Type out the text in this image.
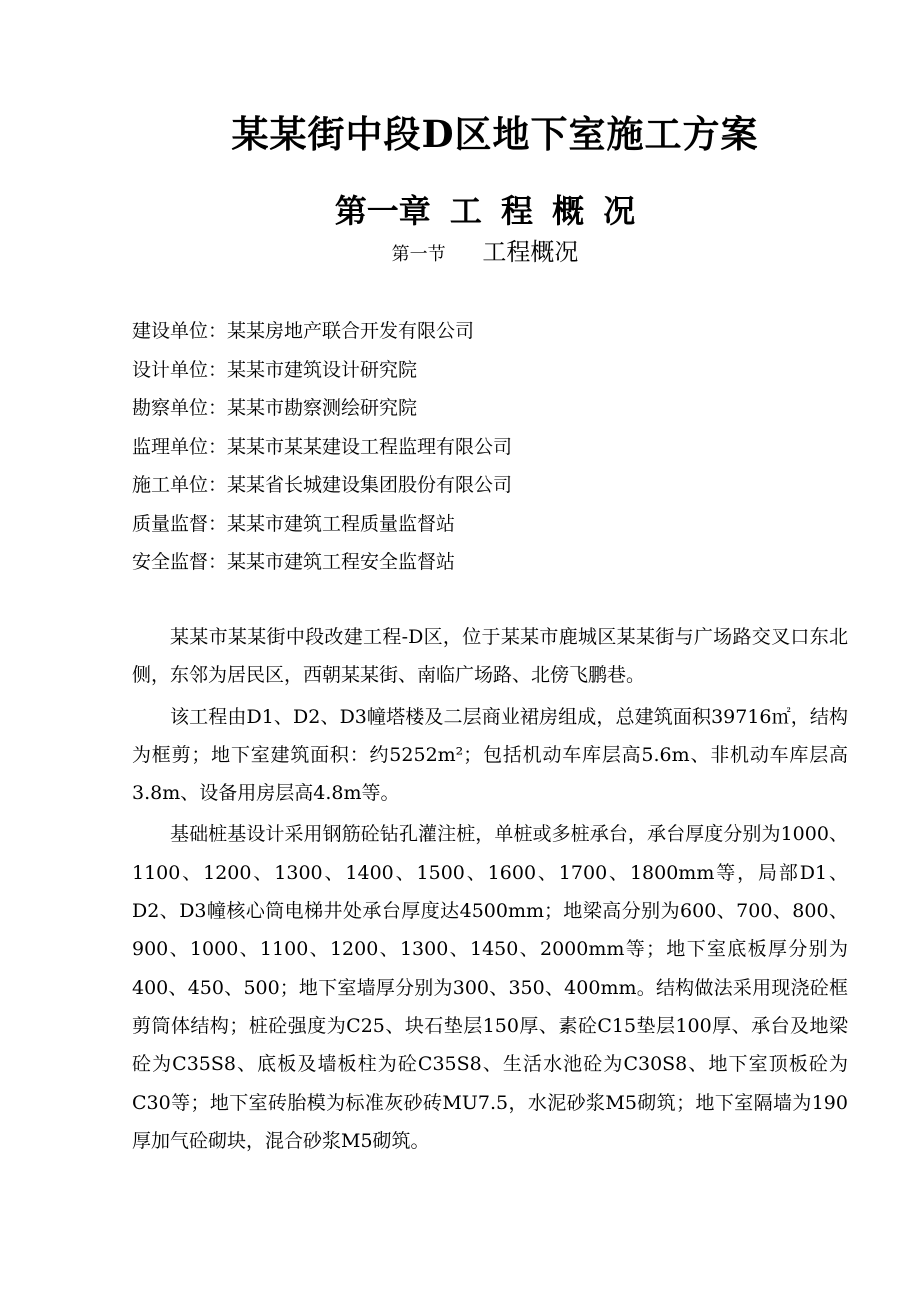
某某街中段D区地下室施工方案
第一章 工 程 概 况
第一节 工程概况
建设单位：某某房地产联合开发有限公司
设计单位：某某市建筑设计研究院
勘察单位：某某市勘察测绘研究院
监理单位：某某市某某建设工程监理有限公司
施工单位：某某省长城建设集团股份有限公司
质量监督：某某市建筑工程质量监督站
安全监督：某某市建筑工程安全监督站

某某市某某街中段改建工程-D区，位于某某市鹿城区某某街与广场路交叉口东北侧，东邻为居民区，西朝某某街、南临广场路、北傍飞鹏巷。

该工程由D1、D2、D3幢塔楼及二层商业裙房组成，总建筑面积39716㎡，结构为框剪；地下室建筑面积：约5252m²；包括机动车库层高5.6m、非机动车库层高3.8m、设备用房层高4.8m等。

基础桩基设计采用钢筋砼钻孔灌注桩，单桩或多桩承台，承台厚度分别为1000、1100、1200、1300、1400、1500、1600、1700、1800mm等，局部D1、D2、D3幢核心筒电梯井处承台厚度达4500mm；地梁高分别为600、700、800、900、1000、1100、1200、1300、1450、2000mm等；地下室底板厚分别为400、450、500；地下室墙厚分别为300、350、400mm。结构做法采用现浇砼框剪筒体结构；桩砼强度为C25、块石垫层150厚、素砼C15垫层100厚、承台及地梁砼为C35S8、底板及墙板柱为砼C35S8、生活水池砼为C30S8、地下室顶板砼为C30等；地下室砖胎模为标准灰砂砖MU7.5，水泥砂浆M5砌筑；地下室隔墙为190厚加气砼砌块，混合砂浆M5砌筑。
